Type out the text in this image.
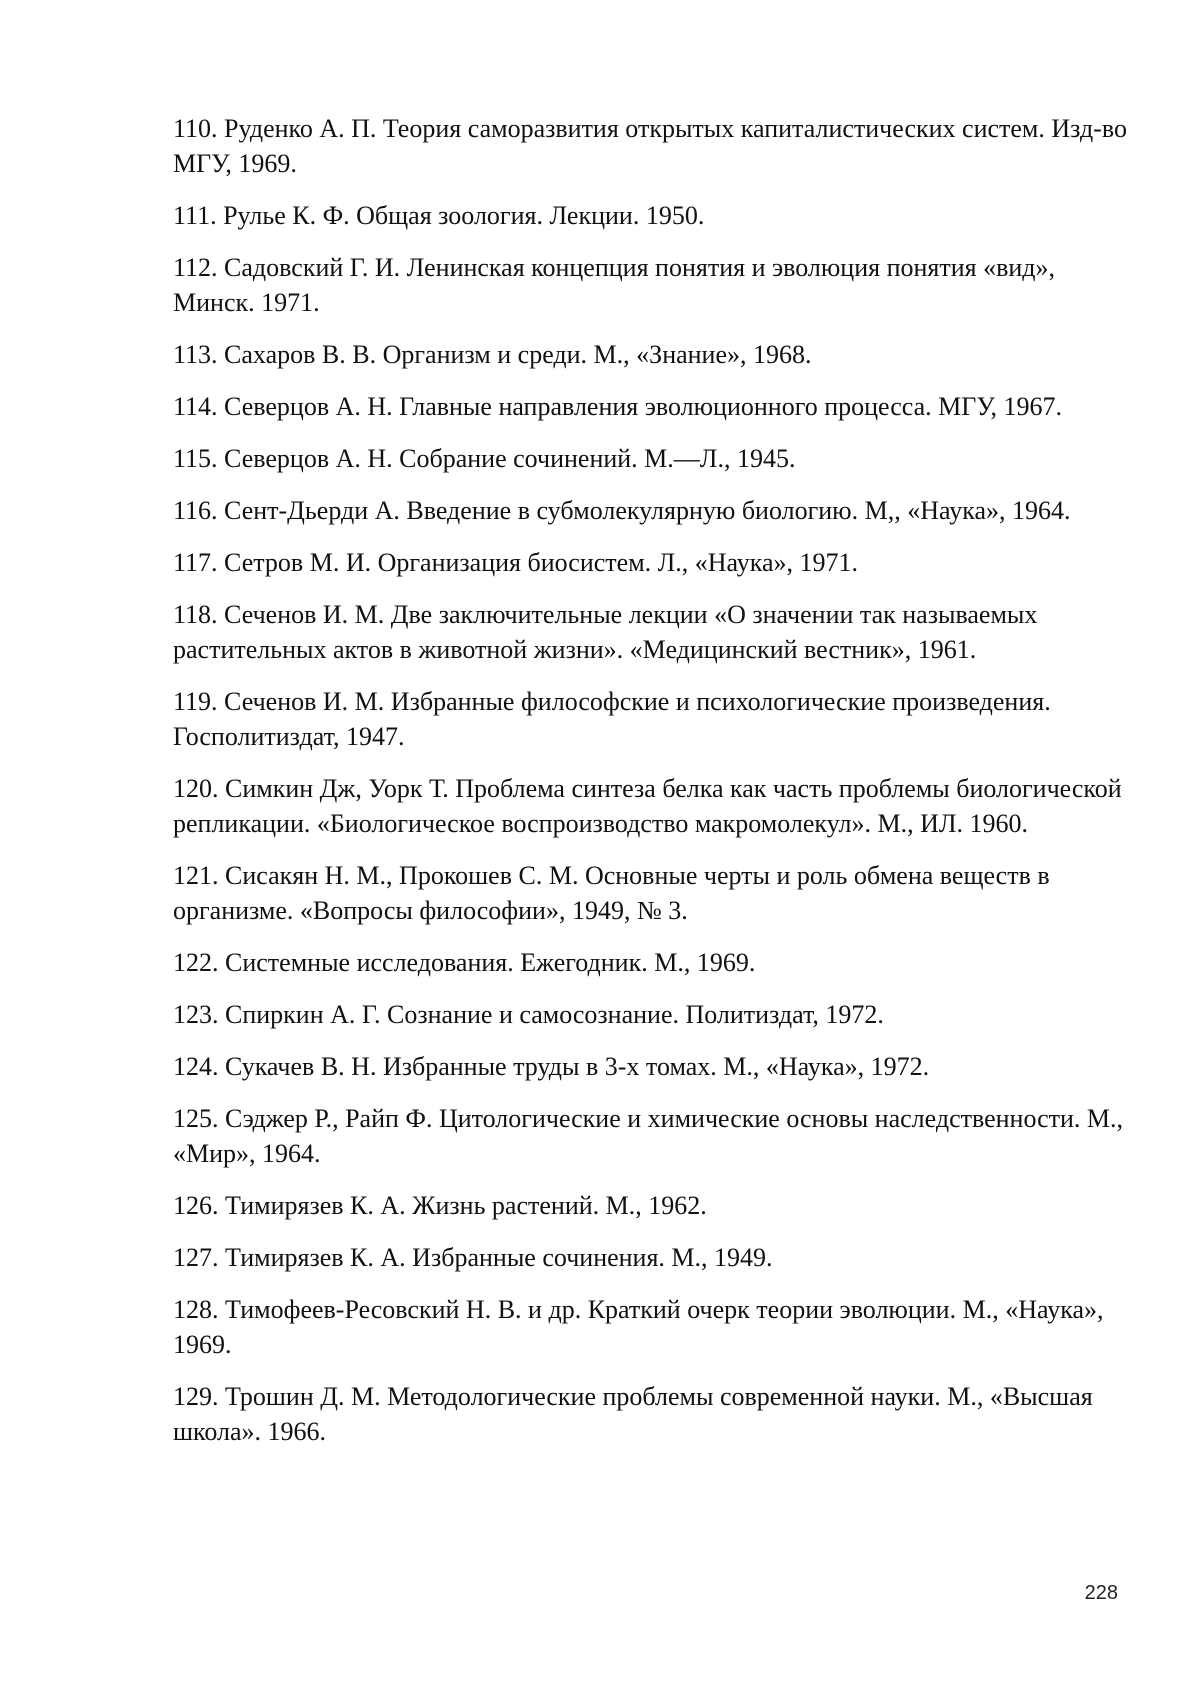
110. Руденко А. П. Теория саморазвития открытых капиталистических систем. Изд-во МГУ, 1969.
111. Рулье К. Ф. Общая зоология. Лекции. 1950.
112. Садовский Г. И. Ленинская концепция понятия и эволюция понятия «вид», Минск. 1971.
113. Сахаров В. В. Организм и среди. М., «Знание», 1968.
114. Северцов А. Н. Главные направления эволюционного процесса. МГУ, 1967.
115. Северцов А. Н. Собрание сочинений. М.—Л., 1945.
116. Сент-Дьерди А. Введение в субмолекулярную биологию. М,, «Наука», 1964.
117. Сетров М. И. Организация биосистем. Л., «Наука», 1971.
118. Сеченов И. М. Две заключительные лекции «О значении так называемых растительных актов в животной жизни». «Медицинский вестник», 1961.
119. Сеченов И. М. Избранные философские и психологические произведения. Госполитиздат, 1947.
120. Симкин Дж, Уорк Т. Проблема синтеза белка как часть проблемы биологической репликации. «Биологическое воспроизводство макромолекул». М., ИЛ. 1960.
121. Сисакян Н. М., Прокошев С. М. Основные черты и роль обмена веществ в организме. «Вопросы философии», 1949, № 3.
122. Системные исследования. Ежегодник. М., 1969.
123. Спиркин А. Г. Сознание и самосознание. Политиздат, 1972.
124. Сукачев В. Н. Избранные труды в 3-х томах. М., «Наука», 1972.
125. Сэджер Р., Райп Ф. Цитологические и химические основы наследственности. М., «Мир», 1964.
126. Тимирязев К. А. Жизнь растений. М., 1962.
127. Тимирязев К. А. Избранные сочинения. М., 1949.
128. Тимофеев-Ресовский Н. В. и др. Краткий очерк теории эволюции. М., «Наука», 1969.
129. Трошин Д. М. Методологические проблемы современной науки. М., «Высшая школа». 1966.
228
